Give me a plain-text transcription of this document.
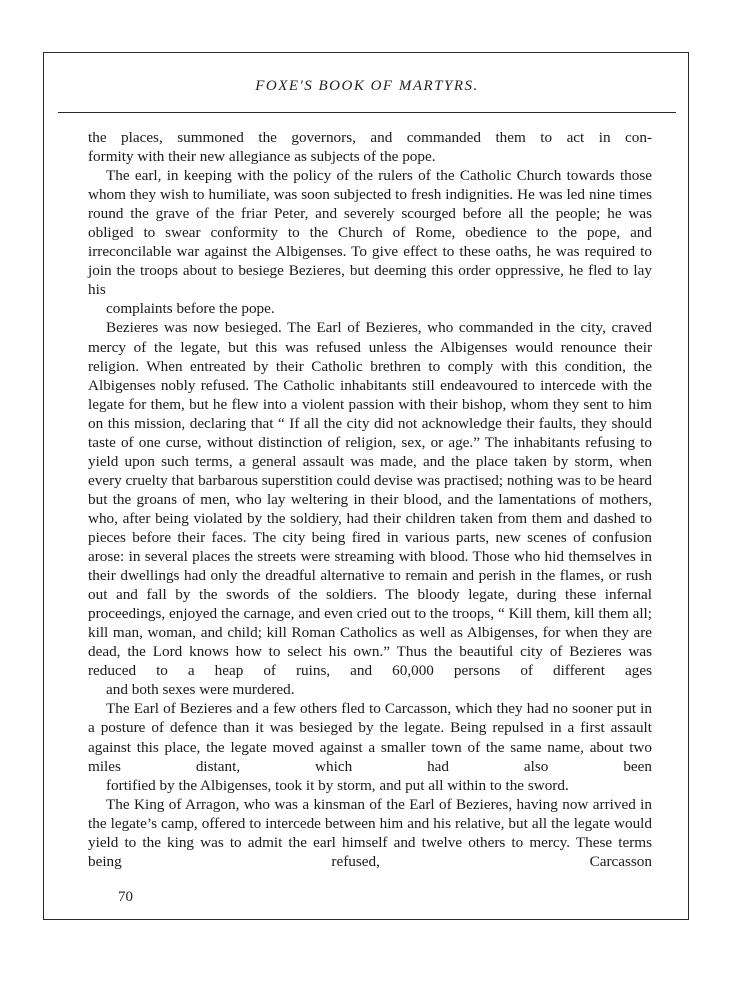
FOXE'S BOOK OF MARTYRS.

the places, summoned the governors, and commanded them to act in con-
formity with their new allegiance as subjects of the pope.

The earl, in keeping with the policy of the rulers of the Catholic Church towards those whom they wish to humiliate, was soon subjected to fresh indignities. He was led nine times round the grave of the friar Peter, and severely scourged before all the people; he was obliged to swear conformity to the Church of Rome, obedience to the pope, and irreconcilable war against the Albigenses. To give effect to these oaths, he was required to join the troops about to besiege Bezieres, but deeming this order oppressive, he fled to lay his
complaints before the pope.

Bezieres was now besieged. The Earl of Bezieres, who commanded in the city, craved mercy of the legate, but this was refused unless the Albigenses would renounce their religion. When entreated by their Catholic brethren to comply with this condition, the Albigenses nobly refused. The Catholic inhabitants still endeavoured to intercede with the legate for them, but he flew into a violent passion with their bishop, whom they sent to him on this mission, declaring that “ If all the city did not acknowledge their faults, they should taste of one curse, without distinction of religion, sex, or age.” The inhabitants refusing to yield upon such terms, a general assault was made, and the place taken by storm, when every cruelty that barbarous superstition could devise was practised; nothing was to be heard but the groans of men, who lay weltering in their blood, and the lamentations of mothers, who, after being violated by the soldiery, had their children taken from them and dashed to pieces before their faces. The city being fired in various parts, new scenes of confusion arose: in several places the streets were streaming with blood. Those who hid themselves in their dwellings had only the dreadful alternative to remain and perish in the flames, or rush out and fall by the swords of the soldiers. The bloody legate, during these infernal proceedings, enjoyed the carnage, and even cried out to the troops, “ Kill them, kill them all; kill man, woman, and child; kill Roman Catholics as well as Albigenses, for when they are dead, the Lord knows how to select his own.” Thus the beautiful city of Bezieres was reduced to a heap of ruins, and 60,000 persons of different ages
and both sexes were murdered.

The Earl of Bezieres and a few others fled to Carcasson, which they had no sooner put in a posture of defence than it was besieged by the legate. Being repulsed in a first assault against this place, the legate moved against a smaller town of the same name, about two miles distant, which had also been
fortified by the Albigenses, took it by storm, and put all within to the sword.

The King of Arragon, who was a kinsman of the Earl of Bezieres, having now arrived in the legate’s camp, offered to intercede between him and his relative, but all the legate would yield to the king was to admit the earl himself and twelve others to mercy. These terms being refused, Carcasson

70
